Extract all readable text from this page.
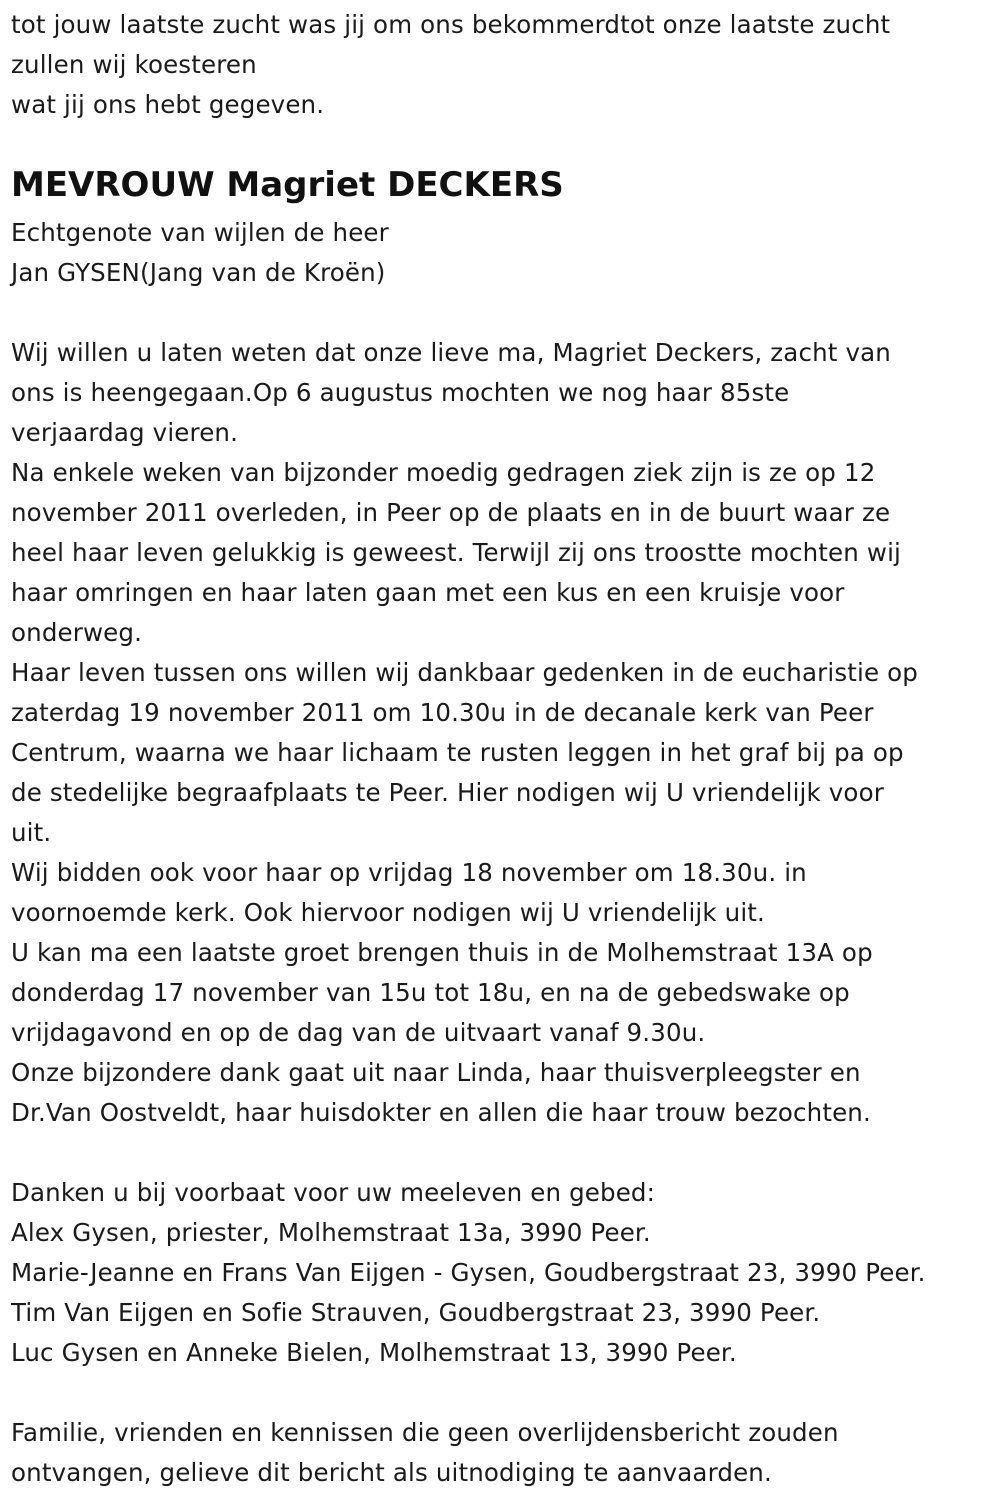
tot jouw laatste zucht was jij om ons bekommerdtot onze laatste zucht
zullen wij koesteren
wat jij ons hebt gegeven.
MEVROUW Magriet DECKERS
Echtgenote van wijlen de heer
Jan GYSEN(Jang van de Kroën)
Wij willen u laten weten dat onze lieve ma, Magriet Deckers, zacht van
ons is heengegaan.Op 6 augustus mochten we nog haar 85ste
verjaardag vieren.
Na enkele weken van bijzonder moedig gedragen ziek zijn is ze op 12
november 2011 overleden, in Peer op de plaats en in de buurt waar ze
heel haar leven gelukkig is geweest. Terwijl zij ons troostte mochten wij
haar omringen en haar laten gaan met een kus en een kruisje voor
onderweg.
Haar leven tussen ons willen wij dankbaar gedenken in de eucharistie op
zaterdag 19 november 2011 om 10.30u in de decanale kerk van Peer
Centrum, waarna we haar lichaam te rusten leggen in het graf bij pa op
de stedelijke begraafplaats te Peer. Hier nodigen wij U vriendelijk voor
uit.
Wij bidden ook voor haar op vrijdag 18 november om 18.30u. in
voornoemde kerk. Ook hiervoor nodigen wij U vriendelijk uit.
U kan ma een laatste groet brengen thuis in de Molhemstraat 13A op
donderdag 17 november van 15u tot 18u, en na de gebedswake op
vrijdagavond en op de dag van de uitvaart vanaf 9.30u.
Onze bijzondere dank gaat uit naar Linda, haar thuisverpleegster en
Dr.Van Oostveldt, haar huisdokter en allen die haar trouw bezochten.
Danken u bij voorbaat voor uw meeleven en gebed:
Alex Gysen, priester, Molhemstraat 13a, 3990 Peer.
Marie-Jeanne en Frans Van Eijgen - Gysen, Goudbergstraat 23, 3990 Peer.
Tim Van Eijgen en Sofie Strauven, Goudbergstraat 23, 3990 Peer.
Luc Gysen en Anneke Bielen, Molhemstraat 13, 3990 Peer.
Familie, vrienden en kennissen die geen overlijdensbericht zouden
ontvangen, gelieve dit bericht als uitnodiging te aanvaarden.
